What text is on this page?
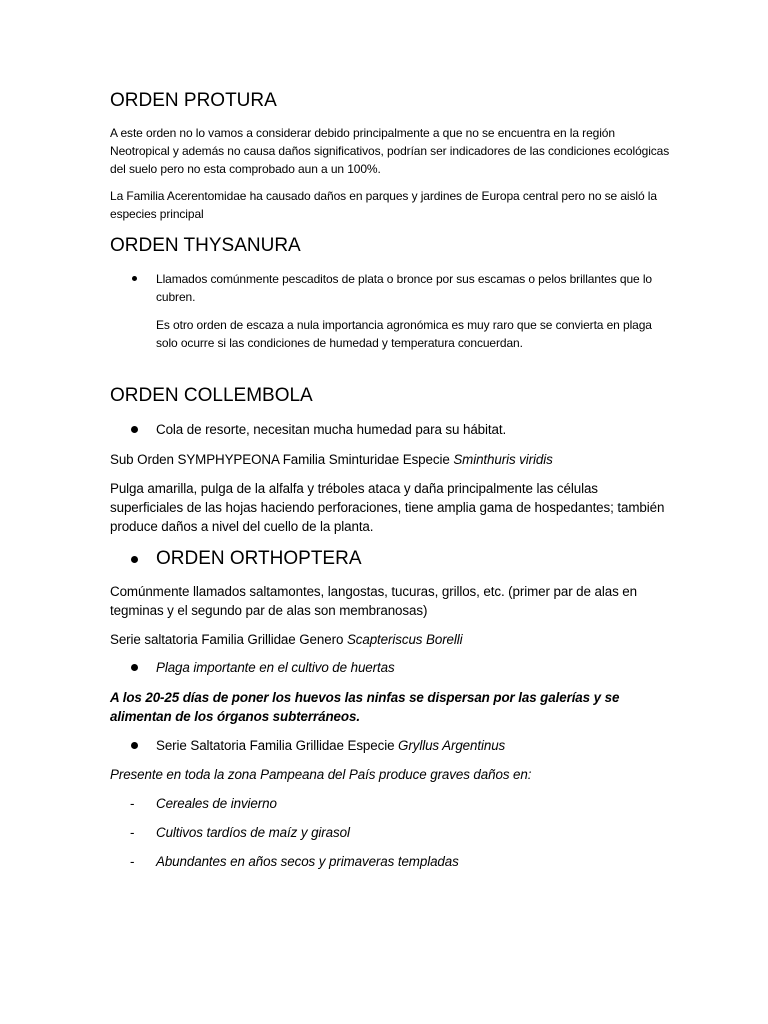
ORDEN PROTURA

A este orden no lo vamos a considerar debido principalmente a que no se encuentra en la región Neotropical y además no causa daños significativos, podrían ser indicadores de las condiciones ecológicas del suelo pero no esta comprobado aun a un 100%.

La Familia Acerentomidae ha causado daños en parques y jardines de Europa central pero no se aisló la especies principal

ORDEN THYSANURA

Llamados comúnmente pescaditos de plata o bronce por sus escamas o pelos brillantes que lo cubren.

Es otro orden de escaza a nula importancia agronómica es muy raro que se convierta en plaga solo ocurre si las condiciones de humedad y temperatura concuerdan.

ORDEN COLLEMBOLA
Cola de resorte, necesitan mucha humedad para su hábitat.
Sub Orden SYMPHYPEONA Familia Sminturidae Especie Sminthuris viridis

Pulga amarilla, pulga de la alfalfa y tréboles ataca y daña principalmente las células superficiales de las hojas haciendo perforaciones, tiene amplia gama de hospedantes; también produce daños a nivel del cuello de la planta.

ORDEN ORTHOPTERA

Comúnmente llamados saltamontes, langostas, tucuras, grillos, etc. (primer par de alas en tegminas y el segundo par de alas son membranosas)

Serie saltatoria Familia Grillidae Genero Scapteriscus Borelli
Plaga importante en el cultivo de huertas

A los 20-25 días de poner los huevos las ninfas se dispersan por las galerías y se alimentan de los órganos subterráneos.

Serie Saltatoria Familia Grillidae Especie Gryllus Argentinus
Presente en toda la zona Pampeana del País produce graves daños en:
- Cereales de invierno
- Cultivos tardíos de maíz y girasol
- Abundantes en años secos y primaveras templadas
